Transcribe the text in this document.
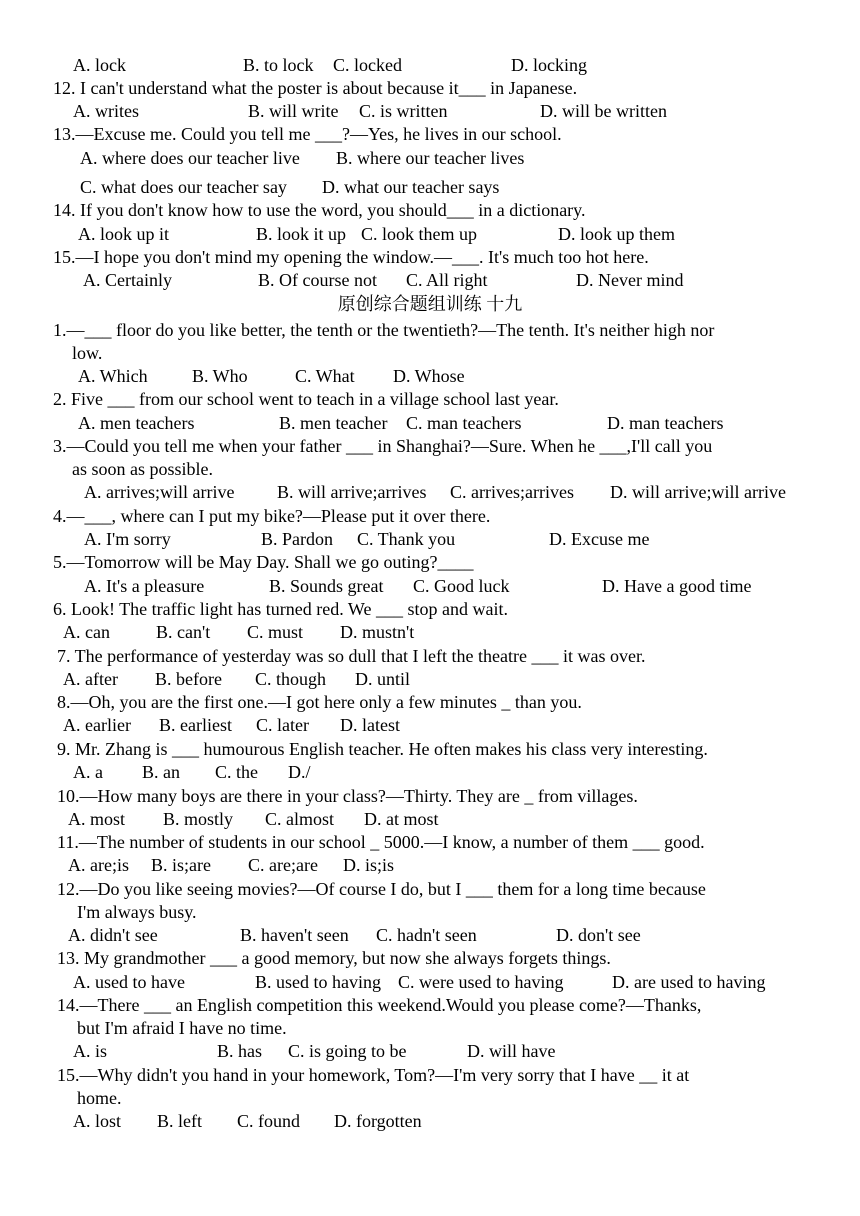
A. lock	B. to lock C. locked	D. locking
12. I can't understand what the poster is about because it___ in Japanese.
A. writes	B. will write C. is written	D. will be written
13.—Excuse me. Could you tell me ___?—Yes, he lives in our school.
A. where does our teacher live B. where our teacher lives
C. what does our teacher say D. what our teacher says
14. If you don't know how to use the word, you should___ in a dictionary.
A. look up it	B. look it up C. look them up	D. look up them
15.—I hope you don't mind my opening the window.—___. It's much too hot here.
A. Certainly	B. Of course not C. All right	D. Never mind
原创综合题组训练 十九
1.—___ floor do you like better, the tenth or the twentieth?—The tenth. It's neither high nor
low.
A. Which B. Who	C. What D. Whose
2. Five ___ from our school went to teach in a village school last year.
A. men teachers	B. men teacher C. man teachers	D. man teachers
3.—Could you tell me when your father ___ in Shanghai?—Sure. When he ___,I'll call you
as soon as possible.
A. arrives;will arrive B. will arrive;arrives C. arrives;arrives D. will arrive;will arrive
4.—___, where can I put my bike?—Please put it over there.
A. I'm sorry	B. Pardon C. Thank you	D. Excuse me
5.—Tomorrow will be May Day. Shall we go outing?____
A. It's a pleasure	B. Sounds great C. Good luck	D. Have a good time
6. Look! The traffic light has turned red. We ___ stop and wait.
A. can	B. can't C. must D. mustn't
7. The performance of yesterday was so dull that I left the theatre ___ it was over.
A. after B. before C. though D. until
8.—Oh, you are the first one.—I got here only a few minutes _ than you.
A. earlier B. earliest C. later D. latest
9. Mr. Zhang is ___ humourous English teacher. He often makes his class very interesting.
A. a B. an C. the D./
10.—How many boys are there in your class?—Thirty. They are _ from villages.
A. most B. mostly C. almost D. at most
11.—The number of students in our school _ 5000.—I know, a number of them ___ good.
A. are;is B. is;are C. are;are D. is;is
12.—Do you like seeing movies?—Of course I do, but I ___ them for a long time because
I'm always busy.
A. didn't see	B. haven't seen C. hadn't seen	D. don't see
13. My grandmother ___ a good memory, but now she always forgets things.
A. used to have	B. used to having C. were used to having	D. are used to having
14.—There ___ an English competition this weekend.Would you please come?—Thanks,
but I'm afraid I have no time.
A. is	B. has C. is going to be	D. will have
15.—Why didn't you hand in your homework, Tom?—I'm very sorry that I have __ it at
home.
A. lost B. left C. found D. forgotten
